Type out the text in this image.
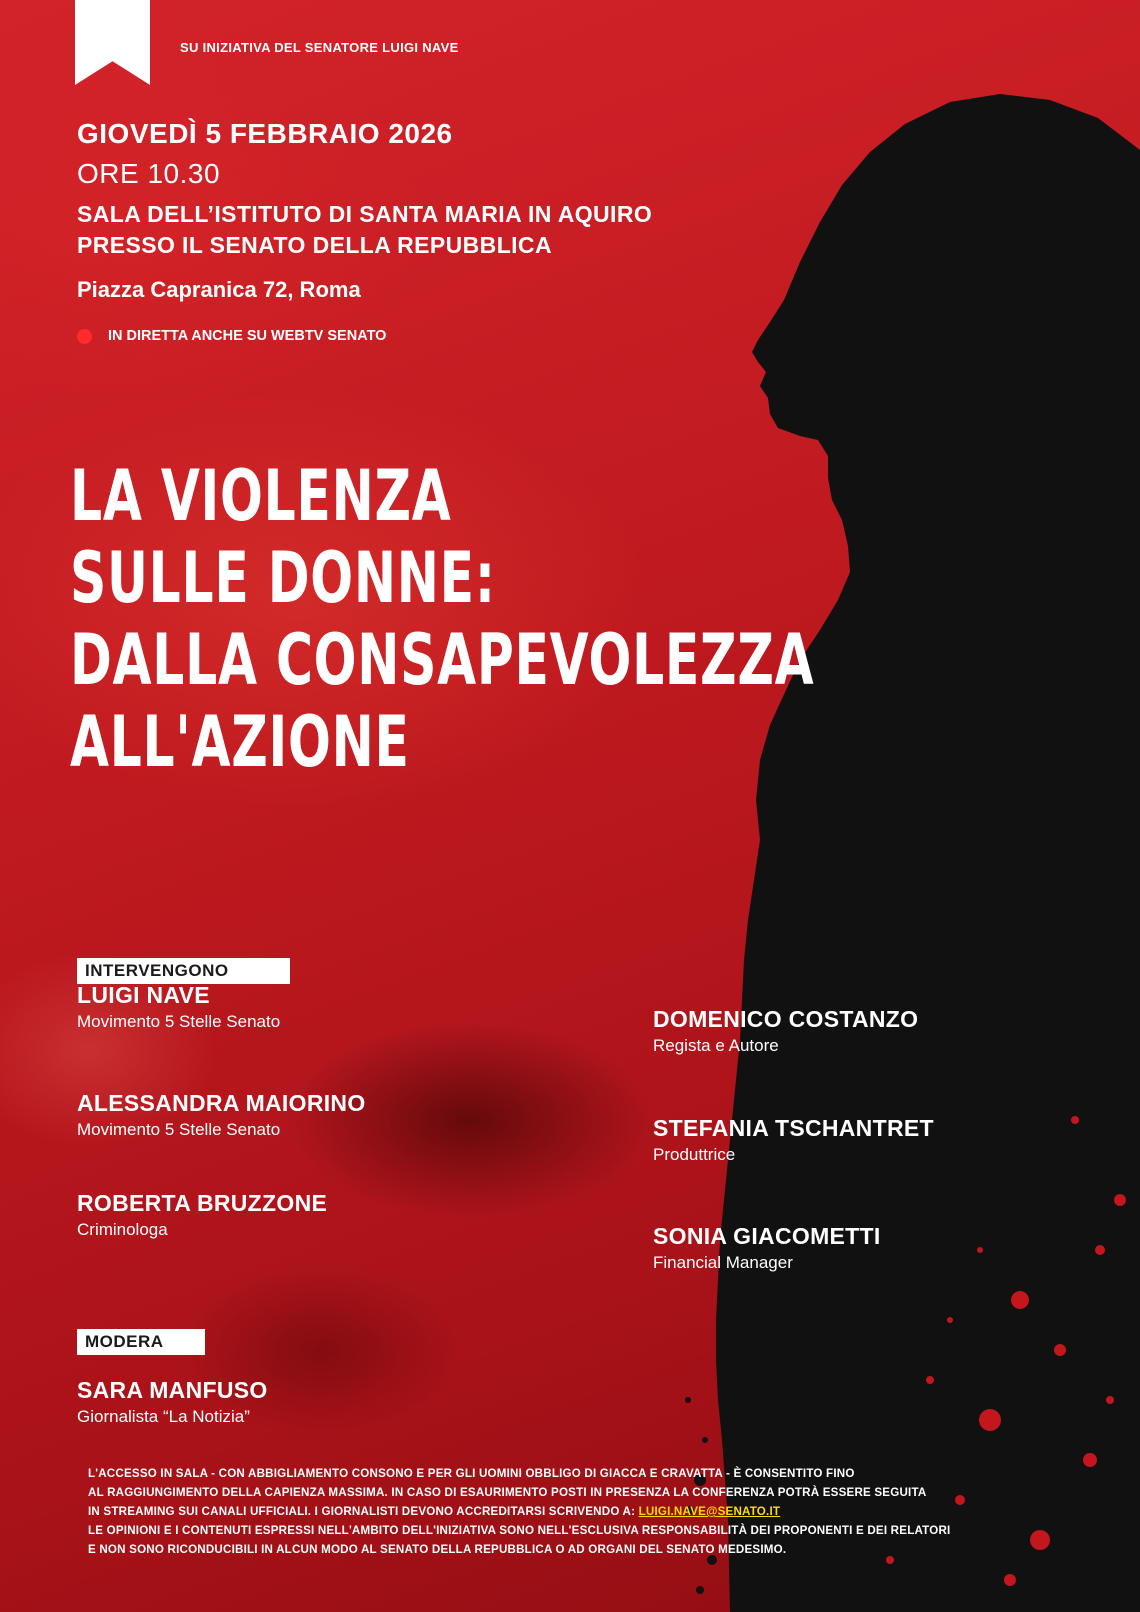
SU INIZIATIVA DEL SENATORE LUIGI NAVE
GIOVEDÌ 5 FEBBRAIO 2026
ORE 10.30
SALA DELL’ISTITUTO DI SANTA MARIA IN AQUIRO
PRESSO IL SENATO DELLA REPUBBLICA
Piazza Capranica 72, Roma
IN DIRETTA ANCHE SU WEBTV SENATO
LA VIOLENZA
SULLE DONNE:
DALLA CONSAPEVOLEZZA
ALL'AZIONE
INTERVENGONO
LUIGI NAVE
Movimento 5 Stelle Senato
ALESSANDRA MAIORINO
Movimento 5 Stelle Senato
ROBERTA BRUZZONE
Criminologa
DOMENICO COSTANZO
Regista e Autore
STEFANIA TSCHANTRET
Produttrice
SONIA GIACOMETTI
Financial Manager
MODERA
SARA MANFUSO
Giornalista “La Notizia”
L'ACCESSO IN SALA - CON ABBIGLIAMENTO CONSONO E PER GLI UOMINI OBBLIGO DI GIACCA E CRAVATTA - È CONSENTITO FINO
AL RAGGIUNGIMENTO DELLA CAPIENZA MASSIMA. IN CASO DI ESAURIMENTO POSTI IN PRESENZA LA CONFERENZA POTRÀ ESSERE SEGUITA
IN STREAMING SUI CANALI UFFICIALI. I GIORNALISTI DEVONO ACCREDITARSI SCRIVENDO A: LUIGI.NAVE@SENATO.IT
LE OPINIONI E I CONTENUTI ESPRESSI NELL'AMBITO DELL'INIZIATIVA SONO NELL'ESCLUSIVA RESPONSABILITÀ DEI PROPONENTI E DEI RELATORI
E NON SONO RICONDUCIBILI IN ALCUN MODO AL SENATO DELLA REPUBBLICA O AD ORGANI DEL SENATO MEDESIMO.
